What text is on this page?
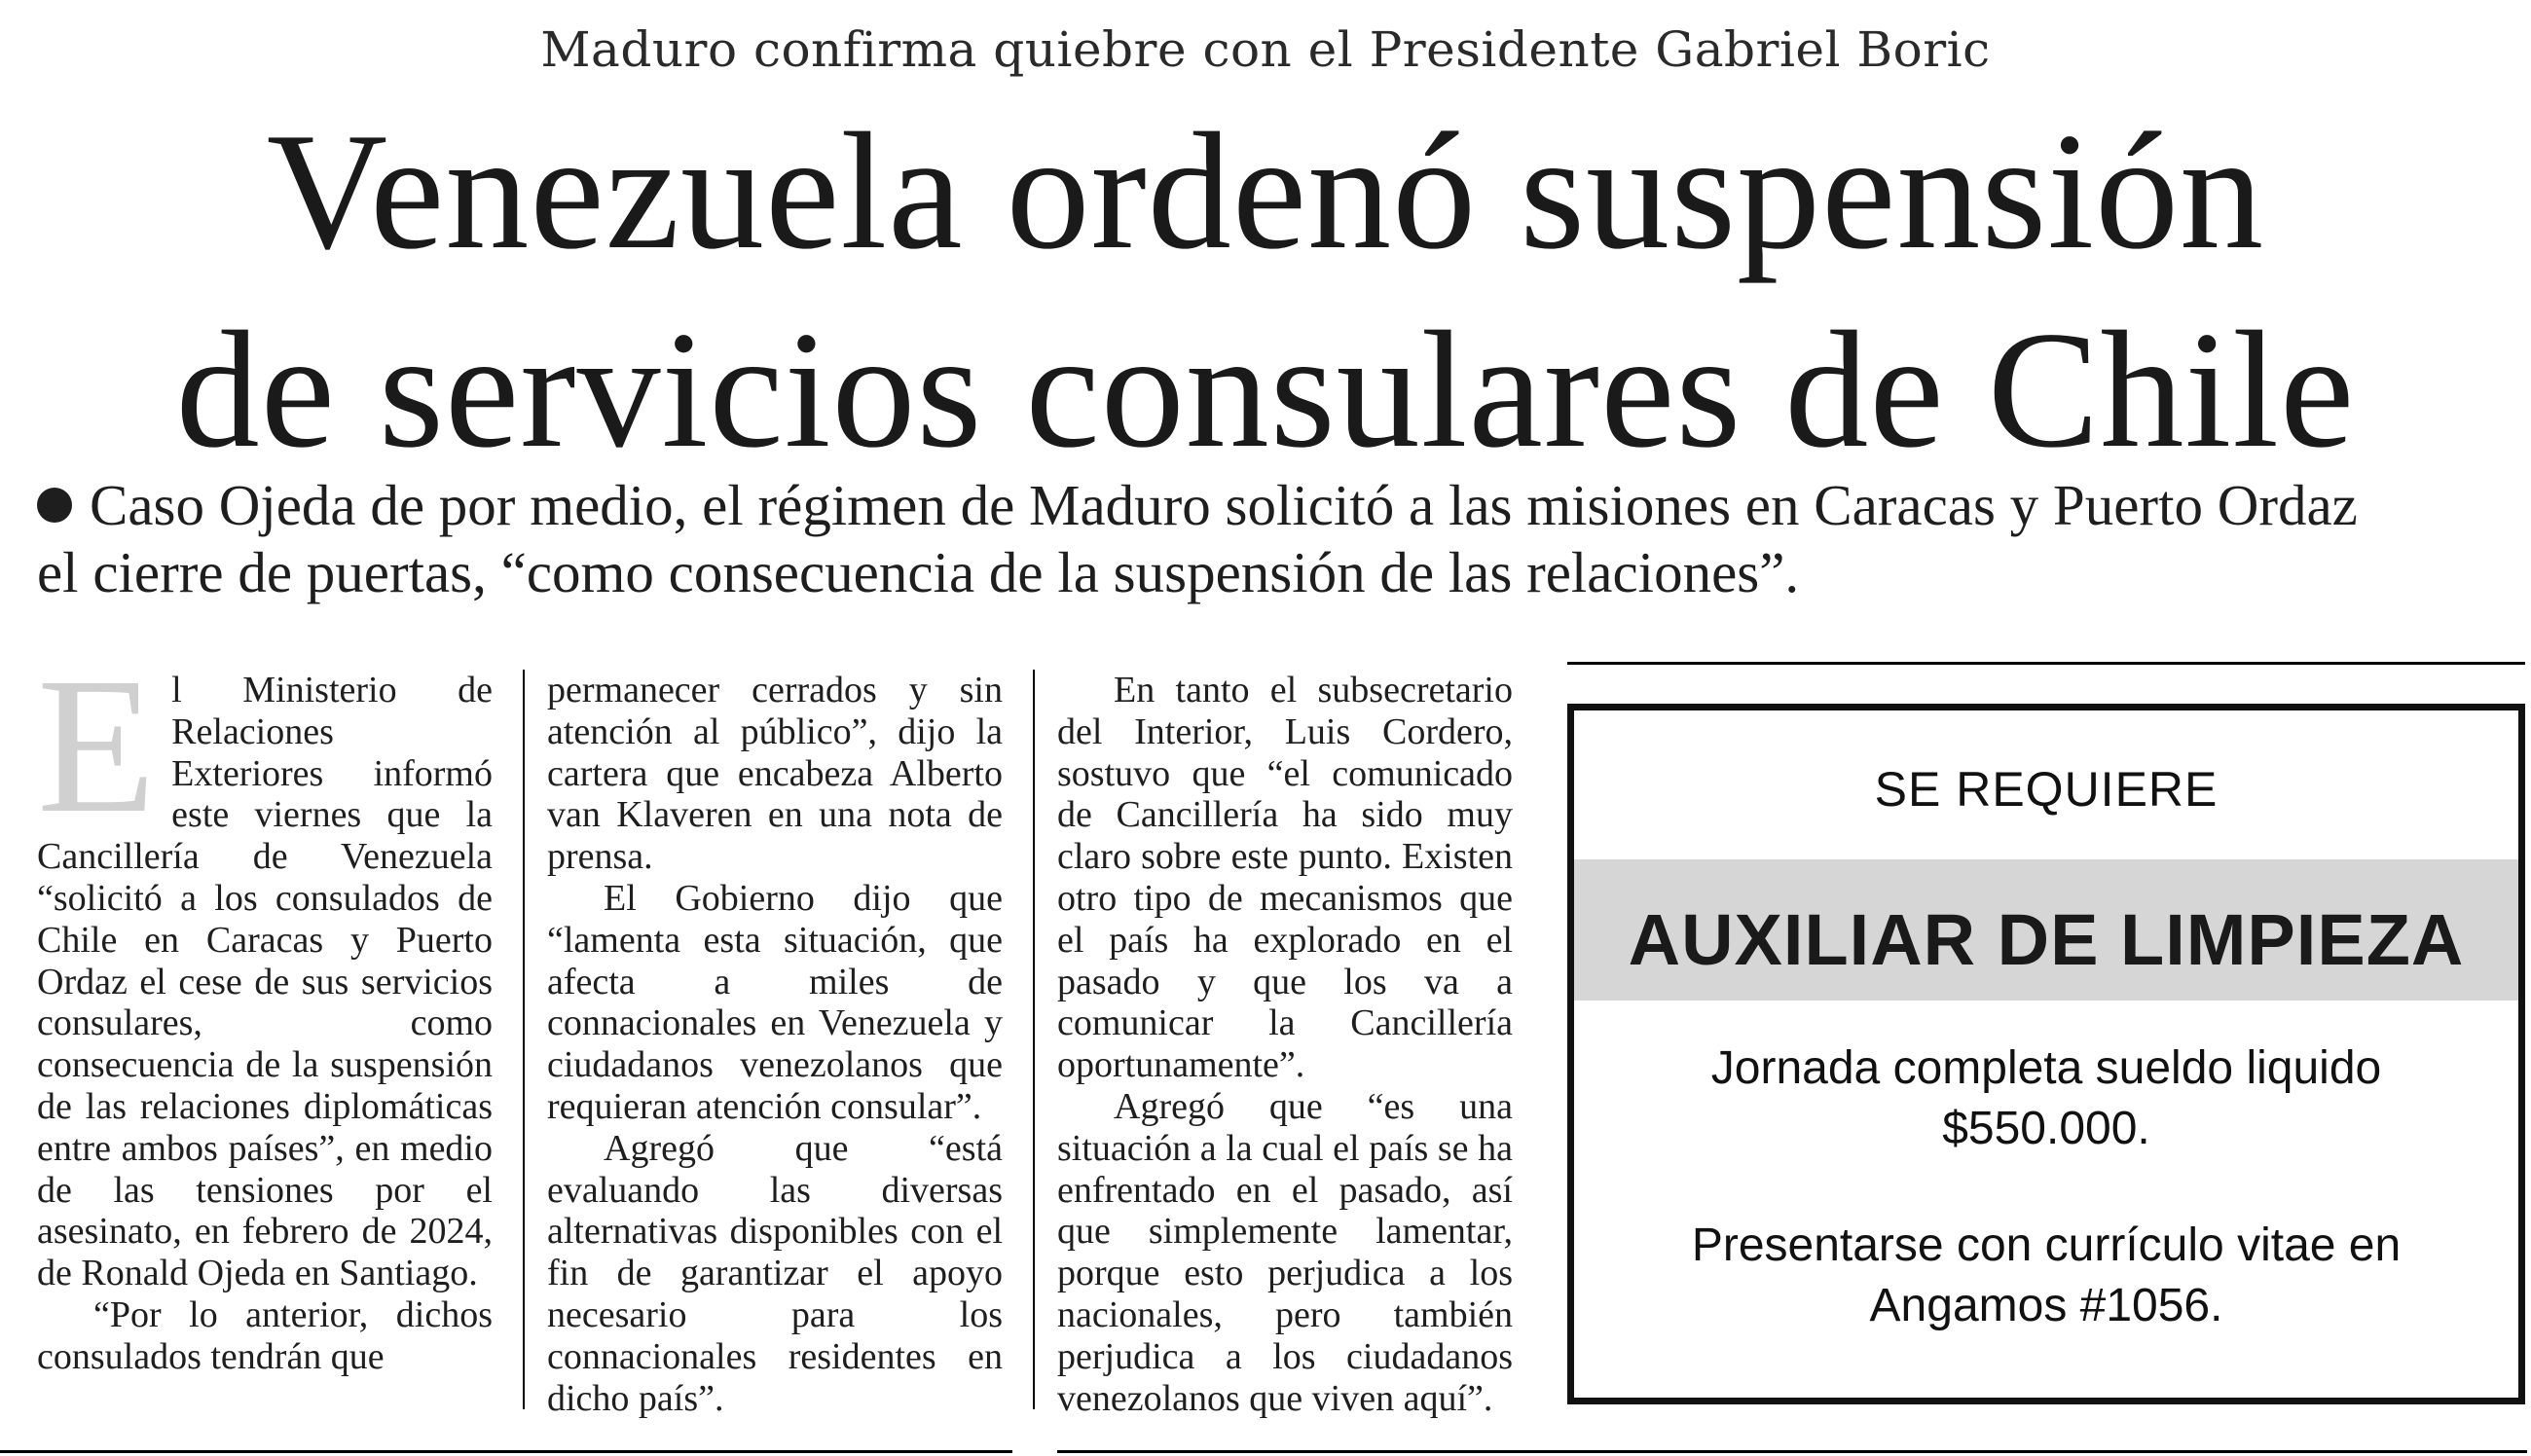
Maduro confirma quiebre con el Presidente Gabriel Boric
Venezuela ordenó suspensión
de servicios consulares de Chile
Caso Ojeda de por medio, el régimen de Maduro solicitó a las misiones en Caracas y Puerto Ordaz
el cierre de puertas, “como consecuencia de la suspensión de las relaciones”.
E l Ministerio de Relaciones Exteriores informó este viernes que la Cancillería de Venezuela “solicitó a los consulados de Chile en Caracas y Puerto Ordaz el cese de sus servicios consulares, como consecuencia de la suspensión de las relaciones diplomáticas entre ambos países”, en medio de las tensiones por el asesinato, en febrero de 2024, de Ronald Ojeda en Santiago.

“Por lo anterior, dichos consulados tendrán que

permanecer cerrados y sin atención al público”, dijo la cartera que encabeza Alberto van Klaveren en una nota de prensa.

El Gobierno dijo que “lamenta esta situación, que afecta a miles de connacionales en Venezuela y ciudadanos venezolanos que requieran atención consular”.

Agregó que “está evaluando las diversas alternativas disponibles con el fin de garantizar el apoyo necesario para los connacionales residentes en dicho país”.

En tanto el subsecretario del Interior, Luis Cordero, sostuvo que “el comunicado de Cancillería ha sido muy claro sobre este punto. Existen otro tipo de mecanismos que el país ha explorado en el pasado y que los va a comunicar la Cancillería oportunamente”.

Agregó que “es una situación a la cual el país se ha enfrentado en el pasado, así que simplemente lamentar, porque esto perjudica a los nacionales, pero también perjudica a los ciudadanos venezolanos que viven aquí”.

SE REQUIERE
AUXILIAR DE LIMPIEZA
Jornada completa sueldo liquido
$550.000.
Presentarse con currículo vitae en
Angamos #1056.
